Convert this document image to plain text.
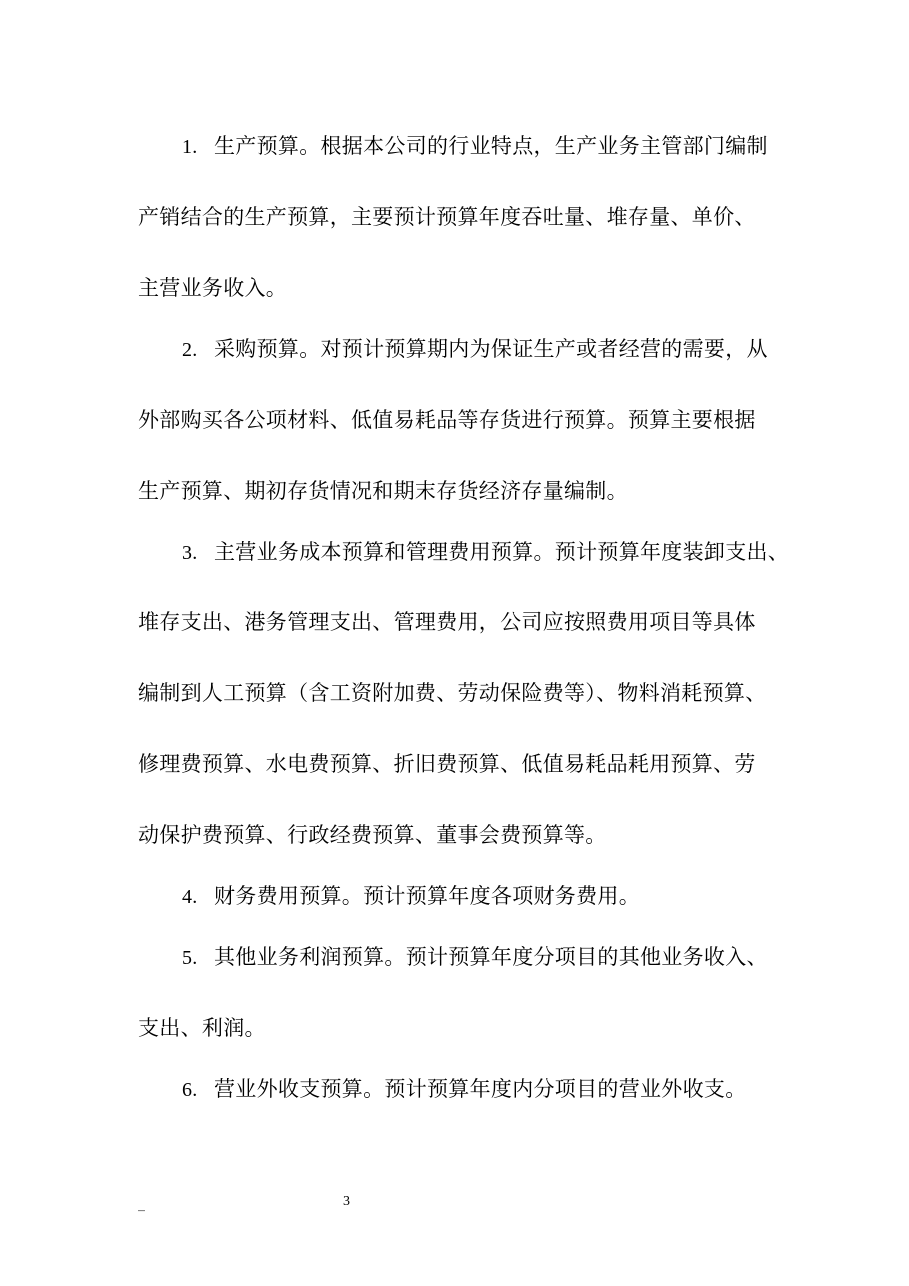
1. 生产预算。根据本公司的行业特点，生产业务主管部门编制
产销结合的生产预算，主要预计预算年度吞吐量、堆存量、单价、
主营业务收入。
2. 采购预算。对预计预算期内为保证生产或者经营的需要，从
外部购买各公项材料、低值易耗品等存货进行预算。预算主要根据
生产预算、期初存货情况和期末存货经济存量编制。
3. 主营业务成本预算和管理费用预算。预计预算年度装卸支出、
堆存支出、港务管理支出、管理费用，公司应按照费用项目等具体
编制到人工预算（含工资附加费、劳动保险费等）、物料消耗预算、
修理费预算、水电费预算、折旧费预算、低值易耗品耗用预算、劳
动保护费预算、行政经费预算、董事会费预算等。
4. 财务费用预算。预计预算年度各项财务费用。
5. 其他业务利润预算。预计预算年度分项目的其他业务收入、
支出、利润。
6. 营业外收支预算。预计预算年度内分项目的营业外收支。
_	3
